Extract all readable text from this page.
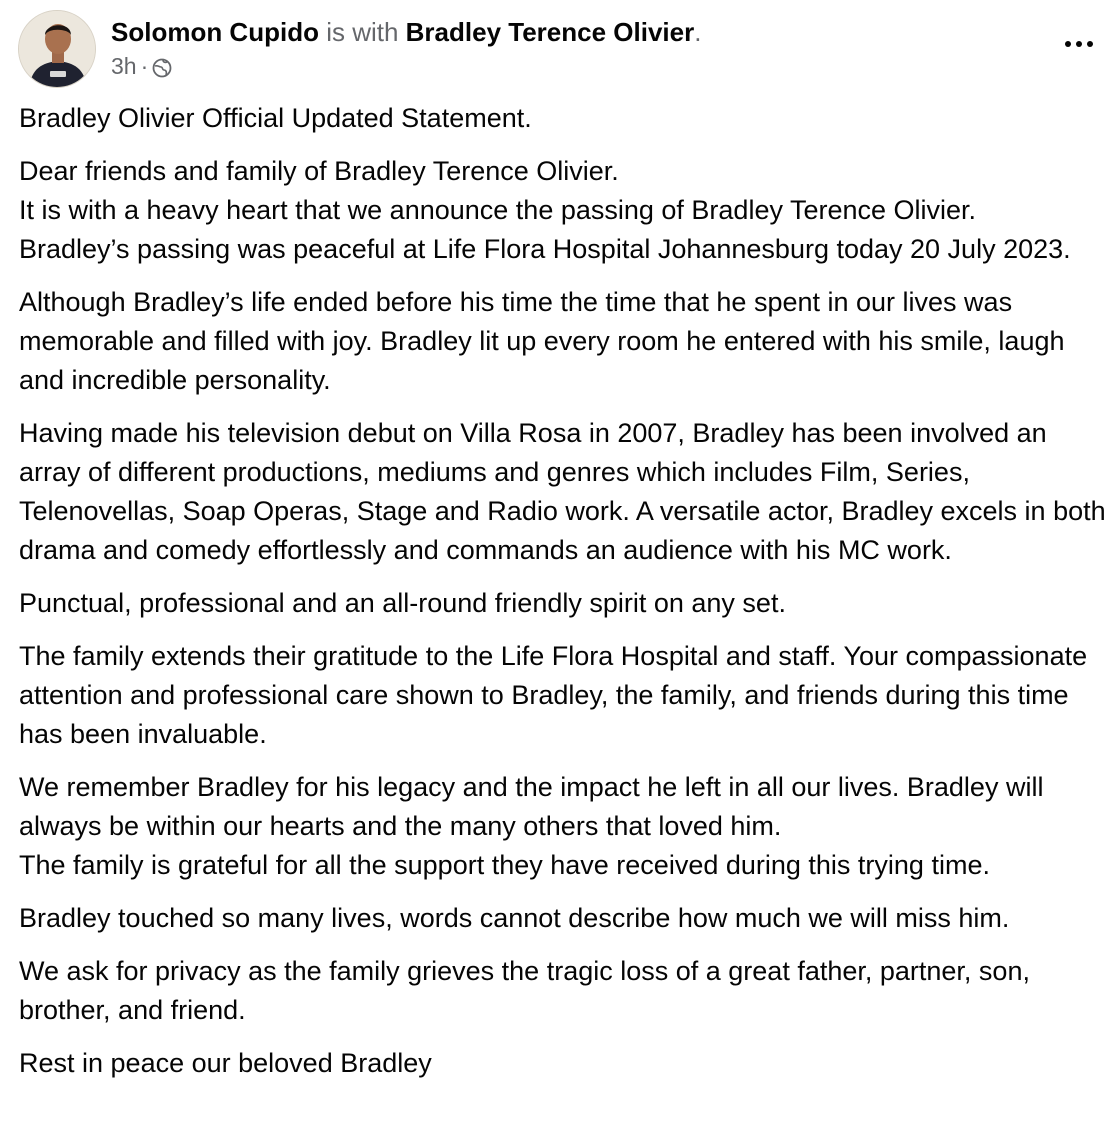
Solomon Cupido is with Bradley Terence Olivier.
3h ·

Bradley Olivier Official Updated Statement.

Dear friends and family of Bradley Terence Olivier.
It is with a heavy heart that we announce the passing of Bradley Terence Olivier.
Bradley’s passing was peaceful at Life Flora Hospital Johannesburg today 20 July 2023.

Although Bradley’s life ended before his time the time that he spent in our lives was memorable and filled with joy. Bradley lit up every room he entered with his smile, laugh and incredible personality.

Having made his television debut on Villa Rosa in 2007, Bradley has been involved an array of different productions, mediums and genres which includes Film, Series, Telenovellas, Soap Operas, Stage and Radio work. A versatile actor, Bradley excels in both drama and comedy effortlessly and commands an audience with his MC work.

Punctual, professional and an all-round friendly spirit on any set.

The family extends their gratitude to the Life Flora Hospital and staff. Your compassionate attention and professional care shown to Bradley, the family, and friends during this time has been invaluable.

We remember Bradley for his legacy and the impact he left in all our lives. Bradley will always be within our hearts and the many others that loved him.
The family is grateful for all the support they have received during this trying time.

Bradley touched so many lives, words cannot describe how much we will miss him.

We ask for privacy as the family grieves the tragic loss of a great father, partner, son, brother, and friend.

Rest in peace our beloved Bradley
